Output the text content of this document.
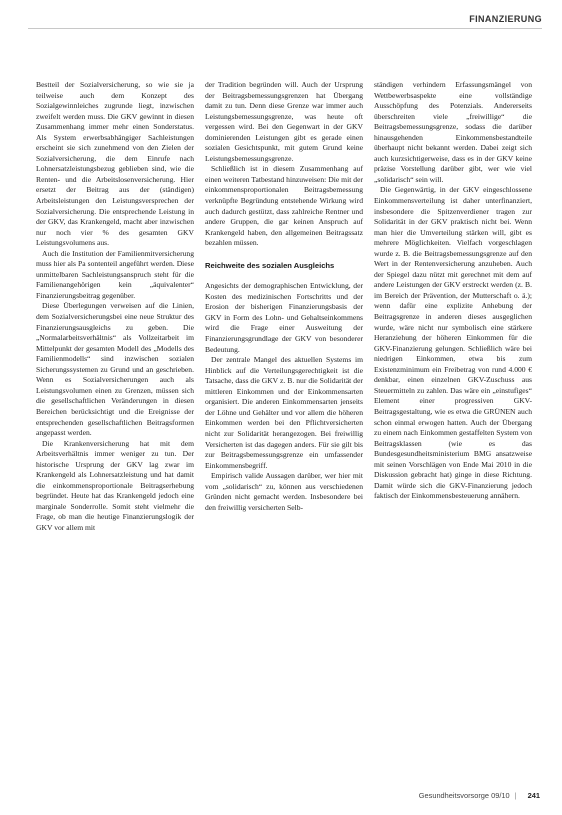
FINANZIERUNG

Bestteil der Sozialversicherung, so wie sie ja teilweise auch dem Konzept des Sozialgewinnleiches zugrunde liegt, inzwischen zweifelt werden muss. Die GKV gewinnt in diesen Zusammenhang immer mehr einen Sonderstatus. Als System erwerbsabhängiger Sachleistungen erscheint sie sich zunehmend von den Zielen der Sozialversicherung, die dem Einrufe nach Lohnersatzleistungsbezug geblieben sind, wie die Renten- und die Arbeitslosenversicherung. Hier ersetzt der Beitrag aus der (ständigen) Arbeitsleistungen den Leistungsversprechen der Sozialversicherung. Die entsprechende Leistung in der GKV, das Krankengeld, macht aber inzwischen nur noch vier % des gesamten GKV Leistungsvolumens aus.

Auch die Institution der Familienmitversicherung muss hier als Pa sontenteil angeführt werden. Diese unmittelbaren Sachleistungsanspruch steht für die Familienangehörigen kein „äquivalenter“ Finanzierungsbeitrag gegenüber.

Diese Überlegungen verweisen auf die Linien, dem Sozialversicherungsbei eine neue Struktur des Finanzierungsausgleichs zu geben. Die „Normalarbeitsverhältnis“ als Vollzeitarbeit im Mittelpunkt der gesamten Modell des „Modells des Familienmodells“ sind inzwischen sozialen Sicherungssystemen zu Grund und an geschrieben. Wenn es Sozialversicherungen auch als Leistungsvolumen einen zu Grenzen, müssen sich die gesellschaftlichen Veränderungen in diesen Bereichen berücksichtigt und die Ereignisse der entsprechenden gesellschaftlichen Beitragsformen angepasst werden.

Die Krankenversicherung hat mit dem Arbeitsverhältnis immer weniger zu tun. Der historische Ursprung der GKV lag zwar im Krankengeld als Lohnersatzleistung und hat damit die einkommensproportionale Beitragserhebung begründet. Heute hat das Krankengeld jedoch eine marginale Sonderrolle. Somit steht vielmehr die Frage, ob man die heutige Finanzierungslogik der GKV vor allem mit

der Tradition begründen will. Auch der Ursprung der Beitragsbemessungsgrenzen hat Übergang damit zu tun. Denn diese Grenze war immer auch Leistungsbemessungsgrenze, was heute oft vergessen wird. Bei den Gegenwart in der GKV dominierenden Leistungen gibt es gerade einen sozialen Gesichtspunkt, mit gutem Grund keine Leistungsbemessungsgrenze.

Schließlich ist in diesem Zusammenhang auf einen weiteren Tatbestand hinzuweisen: Die mit der einkommensproportionalen Beitragsbemessung verknüpfte Begründung entstehende Wirkung wird auch dadurch gestützt, dass zahlreiche Rentner und andere Gruppen, die gar keinen Anspruch auf Krankengeld haben, den allgemeinen Beitragssatz bezahlen müssen.

Reichweite des sozialen Ausgleichs

Angesichts der demographischen Entwicklung, der Kosten des medizinischen Fortschritts und der Erosion der bisherigen Finanzierungsbasis der GKV in Form des Lohn- und Gehaltseinkommens wird die Frage einer Ausweitung der Finanzierungsgrundlage der GKV von besonderer Bedeutung.

Der zentrale Mangel des aktuellen Systems im Hinblick auf die Verteilungsgerechtigkeit ist die Tatsache, dass die GKV z. B. nur die Solidarität der mittleren Einkommen und der Einkommensarten organisiert. Die anderen Einkommensarten jenseits der Löhne und Gehälter und vor allem die höheren Einkommen werden bei den Pflichtversicherten nicht zur Solidarität herangezogen. Bei freiwillig Versicherten ist das dagegen anders. Für sie gilt bis zur Beitragsbemessungsgrenze ein umfassender Einkommensbegriff.

Empirisch valide Aussagen darüber, wer hier mit vom „solidarisch“ zu, können aus verschiedenen Gründen nicht gemacht werden. Insbesondere bei den freiwillig versicherten Selb-

ständigen verhindern Erfassungsmängel von Wettbewerbsaspekte eine vollständige Ausschöpfung des Potenzials. Andererseits überschreiten viele „freiwillige“ die Beitragsbemessungsgrenze, sodass die darüber hinausgehenden Einkommensbestandteile überhaupt nicht bekannt werden. Dabei zeigt sich auch kurzsichtigerweise, dass es in der GKV keine präzise Vorstellung darüber gibt, wer wie viel „solidarisch“ sein will.

Die Gegenwärtig, in der GKV eingeschlossene Einkommensverteilung ist daher unterfinanziert, insbesondere die Spitzenverdiener tragen zur Solidarität in der GKV praktisch nicht bei. Wenn man hier die Umverteilung stärken will, gibt es mehrere Möglichkeiten. Vielfach vorgeschlagen wurde z. B. die Beitragsbemessungsgrenze auf den Wert in der Rentenversicherung anzuheben. Auch der Spiegel dazu nützt mit gerechnet mit dem auf andere Leistungen der GKV erstreckt werden (z. B. im Bereich der Prävention, der Mutterschaft o. ä.); wenn dafür eine explizite Anhebung der Beitragsgrenze in anderen dieses ausgeglichen wurde, wäre nicht nur symbolisch eine stärkere Heranziehung der höheren Einkommen für die GKV-Finanzierung gelungen. Schließlich wäre bei niedrigen Einkommen, etwa bis zum Existenzminimum ein Freibetrag von rund 4.000 € denkbar, einen einzelnen GKV-Zuschuss aus Steuermitteln zu zahlen. Das wäre ein „einstufiges“ Element einer progressiven GKV-Beitragsgestaltung, wie es etwa die GRÜNEN auch schon einmal erwogen hatten. Auch der Übergang zu einem nach Einkommen gestaffelten System von Beitragsklassen (wie es das Bundesgesundheitsministerium BMG ansatzweise mit seinen Vorschlägen von Ende Mai 2010 in die Diskussion gebracht hat) ginge in diese Richtung. Damit würde sich die GKV-Finanzierung jedoch faktisch der Einkommensbesteuerung annähern.

Gesundheitsvorsorge 09/10 | 241
